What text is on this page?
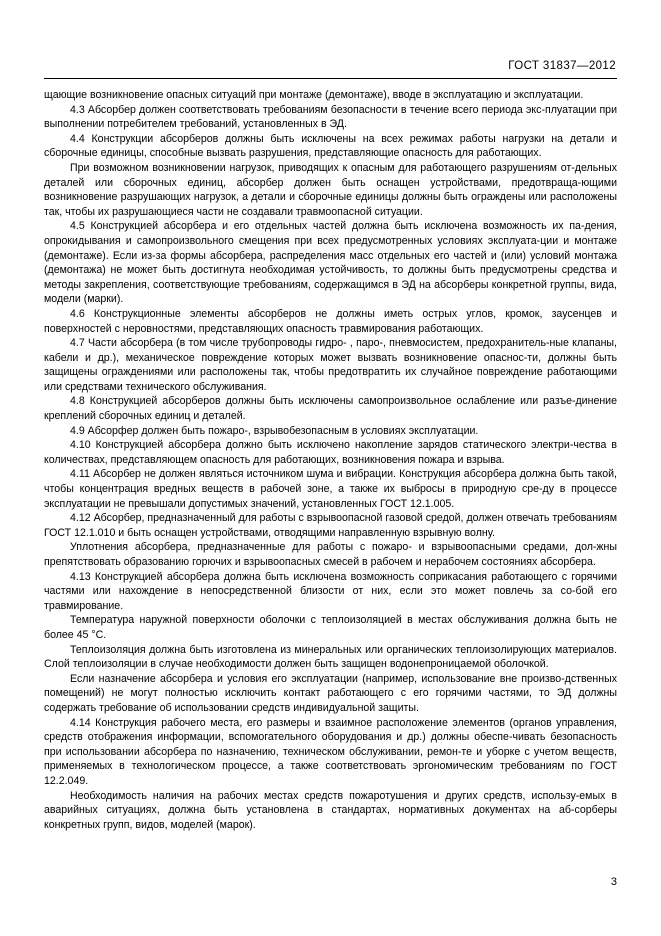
ГОСТ 31837—2012

щающие возникновение опасных ситуаций при монтаже (демонтаже), вводе в эксплуатацию и эксплуатации.

4.3 Абсорбер должен соответствовать требованиям безопасности в течение всего периода экс-плуатации при выполнении потребителем требований, установленных в ЭД.

4.4 Конструкции абсорберов должны быть исключены на всех режимах работы нагрузки на детали и сборочные единицы, способные вызвать разрушения, представляющие опасность для работающих.

При возможном возникновении нагрузок, приводящих к опасным для работающего разрушениям от-дельных деталей или сборочных единиц, абсорбер должен быть оснащен устройствами, предотвраща-ющими возникновение разрушающих нагрузок, а детали и сборочные единицы должны быть ограждены или расположены так, чтобы их разрушающиеся части не создавали травмоопасной ситуации.

4.5 Конструкцией абсорбера и его отдельных частей должна быть исключена возможность их па-дения, опрокидывания и самопроизвольного смещения при всех предусмотренных условиях эксплуата-ции и монтаже (демонтаже). Если из-за формы абсорбера, распределения масс отдельных его частей и (или) условий монтажа (демонтажа) не может быть достигнута необходимая устойчивость, то должны быть предусмотрены средства и методы закрепления, соответствующие требованиям, содержащимся в ЭД на абсорберы конкретной группы, вида, модели (марки).

4.6 Конструкционные элементы абсорберов не должны иметь острых углов, кромок, заусенцев и поверхностей с неровностями, представляющих опасность травмирования работающих.

4.7 Части абсорбера (в том числе трубопроводы гидро- , паро-, пневмосистем, предохранитель-ные клапаны, кабели и др.), механическое повреждение которых может вызвать возникновение опаснос-ти, должны быть защищены ограждениями или расположены так, чтобы предотвратить их случайное повреждение работающими или средствами технического обслуживания.

4.8 Конструкцией абсорберов должны быть исключены самопроизвольное ослабление или разъе-динение креплений сборочных единиц и деталей.

4.9 Абсорфер должен быть пожаро-, взрывобезопасным в условиях эксплуатации.

4.10 Конструкцией абсорбера должно быть исключено накопление зарядов статического электри-чества в количествах, представляющем опасность для работающих, возникновения пожара и взрыва.

4.11 Абсорбер не должен являться источником шума и вибрации. Конструкция абсорбера должна быть такой, чтобы концентрация вредных веществ в рабочей зоне, а также их выбросы в природную сре-ду в процессе эксплуатации не превышали допустимых значений, установленных ГОСТ 12.1.005.

4.12 Абсорбер, предназначенный для работы с взрывоопасной газовой средой, должен отвечать требованиям ГОСТ 12.1.010 и быть оснащен устройствами, отводящими направленную взрывную волну.

Уплотнения абсорбера, предназначенные для работы с пожаро- и взрывоопасными средами, дол-жны препятствовать образованию горючих и взрывоопасных смесей в рабочем и нерабочем состояниях абсорбера.

4.13 Конструкцией абсорбера должна быть исключена возможность соприкасания работающего с горячими частями или нахождение в непосредственной близости от них, если это может повлечь за со-бой его травмирование.

Температура наружной поверхности оболочки с теплоизоляцией в местах обслуживания должна быть не более 45 °С.

Теплоизоляция должна быть изготовлена из минеральных или органических теплоизолирующих материалов. Слой теплоизоляции в случае необходимости должен быть защищен водонепроницаемой оболочкой.

Если назначение абсорбера и условия его эксплуатации (например, использование вне произво-дственных помещений) не могут полностью исключить контакт работающего с его горячими частями, то ЭД должны содержать требование об использовании средств индивидуальной защиты.

4.14 Конструкция рабочего места, его размеры и взаимное расположение элементов (органов управления, средств отображения информации, вспомогательного оборудования и др.) должны обеспе-чивать безопасность при использовании абсорбера по назначению, техническом обслуживании, ремон-те и уборке с учетом веществ, применяемых в технологическом процессе, а также соответствовать эргономическим требованиям по ГОСТ 12.2.049.

Необходимость наличия на рабочих местах средств пожаротушения и других средств, использу-емых в аварийных ситуациях, должна быть установлена в стандартах, нормативных документах на аб-сорберы конкретных групп, видов, моделей (марок).

3
